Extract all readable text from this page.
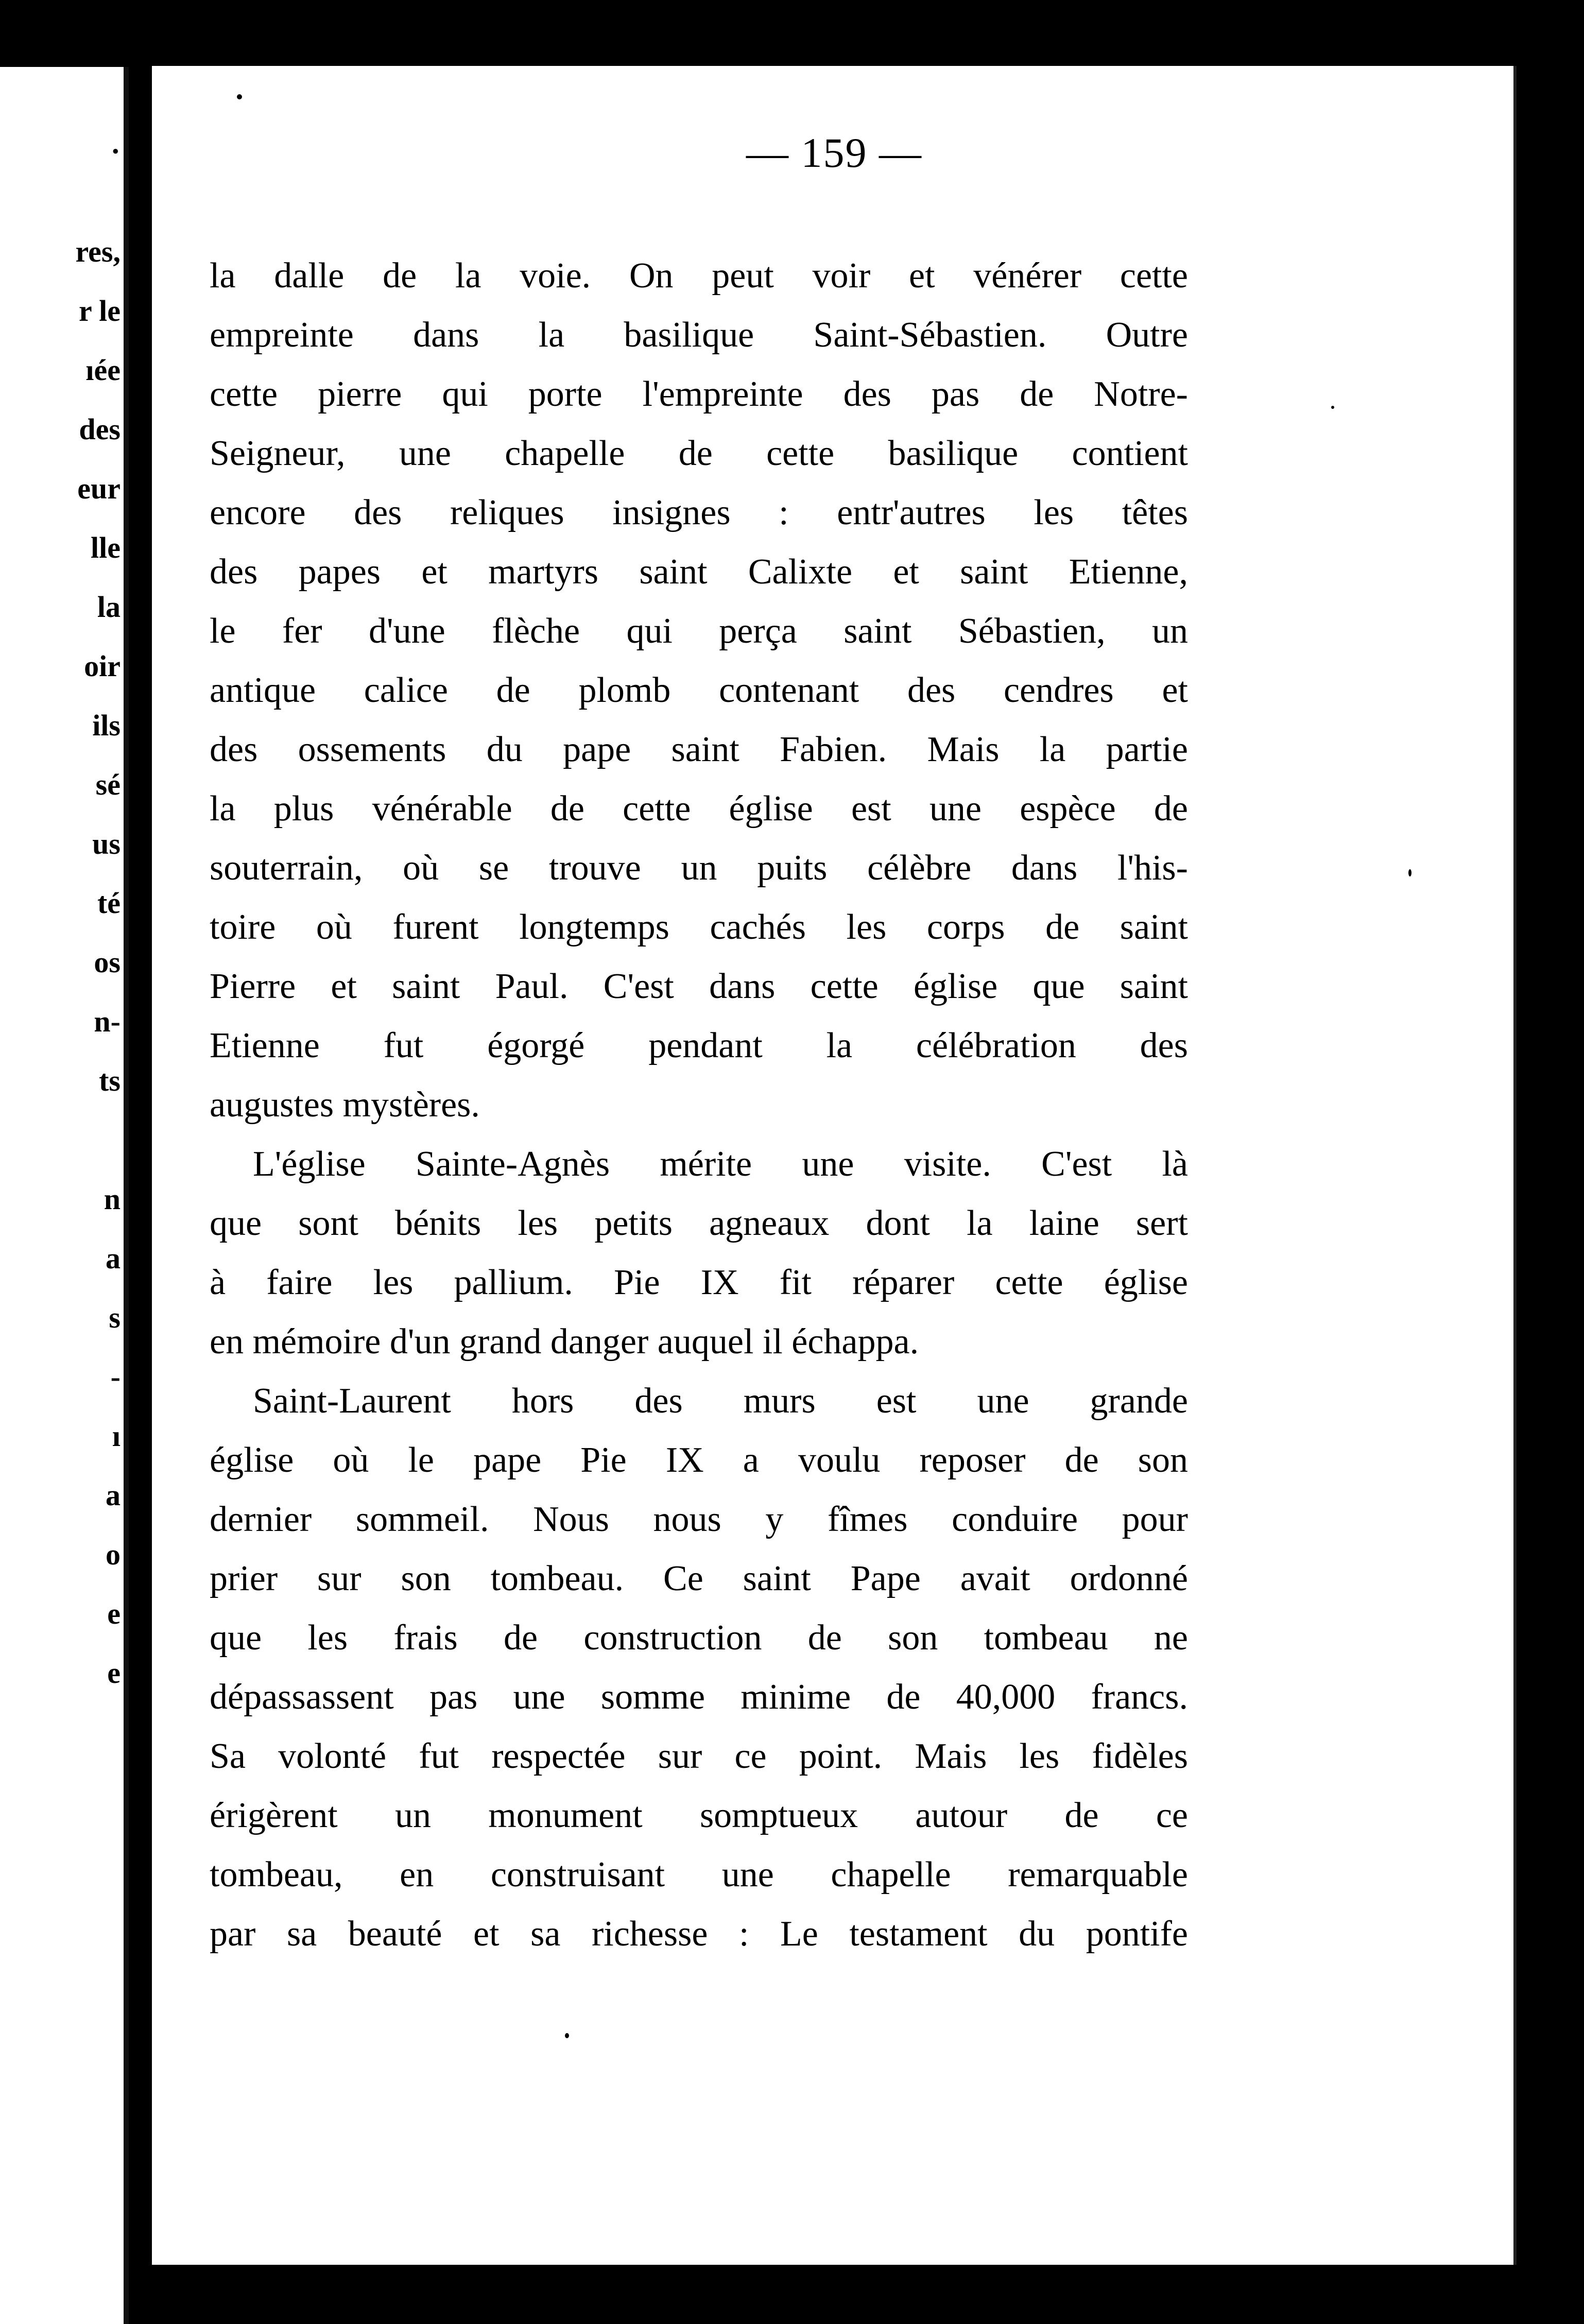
·
res,
r le
ıée
des
eur
lle
la
oir
ils
sé
us
té
os
n-
ts
n
a
s
-
ı
a
o
e
e
— 159 —
la dalle de la voie. On peut voir et vénérer cette
empreinte dans la basilique Saint-Sébastien. Outre
cette pierre qui porte l'empreinte des pas de Notre-
Seigneur, une chapelle de cette basilique contient
encore des reliques insignes : entr'autres les têtes
des papes et martyrs saint Calixte et saint Etienne,
le fer d'une flèche qui perça saint Sébastien, un
antique calice de plomb contenant des cendres et
des ossements du pape saint Fabien. Mais la partie
la plus vénérable de cette église est une espèce de
souterrain, où se trouve un puits célèbre dans l'his-
toire où furent longtemps cachés les corps de saint
Pierre et saint Paul. C'est dans cette église que saint
Etienne fut égorgé pendant la célébration des
augustes mystères.
L'église Sainte-Agnès mérite une visite. C'est là
que sont bénits les petits agneaux dont la laine sert
à faire les pallium. Pie IX fit réparer cette église
en mémoire d'un grand danger auquel il échappa.
Saint-Laurent hors des murs est une grande
église où le pape Pie IX a voulu reposer de son
dernier sommeil. Nous nous y fîmes conduire pour
prier sur son tombeau. Ce saint Pape avait ordonné
que les frais de construction de son tombeau ne
dépassassent pas une somme minime de 40,000 francs.
Sa volonté fut respectée sur ce point. Mais les fidèles
érigèrent un monument somptueux autour de ce
tombeau, en construisant une chapelle remarquable
par sa beauté et sa richesse : Le testament du pontife
